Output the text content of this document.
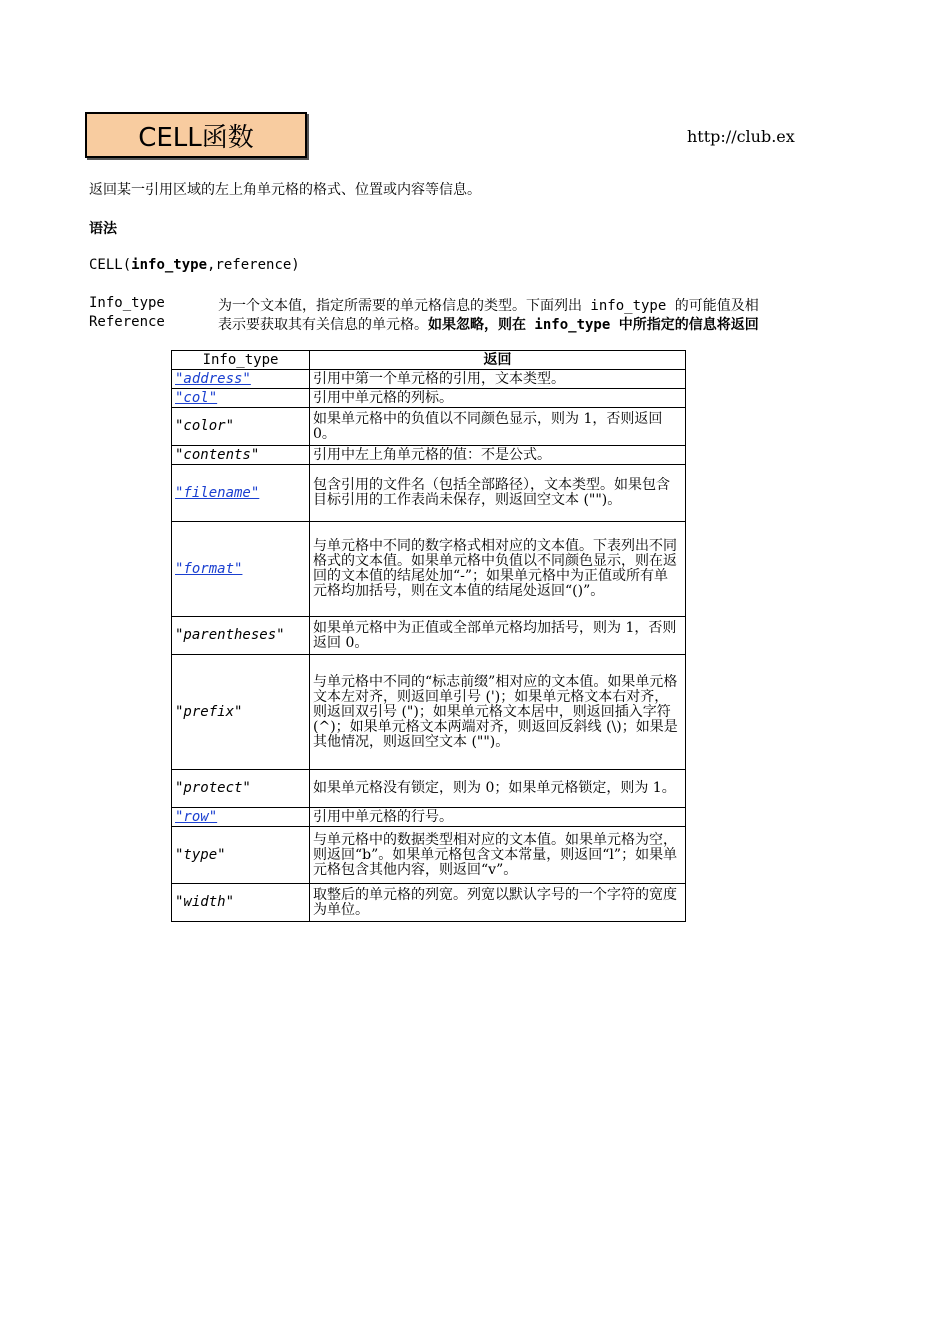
CELL函数	http://club.ex
返回某一引用区域的左上角单元格的格式、位置或内容等信息。
语法
CELL(info_type,reference)
Info_type	为一个文本值，指定所需要的单元格信息的类型。下面列出 info_type 的可能值及相
Reference	表示要获取其有关信息的单元格。如果忽略，则在 info_type 中所指定的信息将返回
Info_type	返回
"address"	引用中第一个单元格的引用，文本类型。
"col"	引用中单元格的列标。
"color"	如果单元格中的负值以不同颜色显示，则为 1，否则返回 0。
"contents"	引用中左上角单元格的值：不是公式。
"filename"	包含引用的文件名（包括全部路径），文本类型。如果包含目标引用的工作表尚未保存，则返回空文本 ("")。
"format"	与单元格中不同的数字格式相对应的文本值。下表列出不同格式的文本值。如果单元格中负值以不同颜色显示，则在返回的文本值的结尾处加“-”；如果单元格中为正值或所有单元格均加括号，则在文本值的结尾处返回“()”。
"parentheses"	如果单元格中为正值或全部单元格均加括号，则为 1，否则返回 0。
"prefix"	与单元格中不同的“标志前缀”相对应的文本值。如果单元格文本左对齐，则返回单引号 (')；如果单元格文本右对齐，则返回双引号 (")；如果单元格文本居中，则返回插入字符 (^)；如果单元格文本两端对齐，则返回反斜线 (\)；如果是其他情况，则返回空文本 ("")。
"protect"	如果单元格没有锁定，则为 0；如果单元格锁定，则为 1。
"row"	引用中单元格的行号。
"type"	与单元格中的数据类型相对应的文本值。如果单元格为空，则返回“b”。如果单元格包含文本常量，则返回“l”；如果单元格包含其他内容，则返回“v”。
"width"	取整后的单元格的列宽。列宽以默认字号的一个字符的宽度为单位。
